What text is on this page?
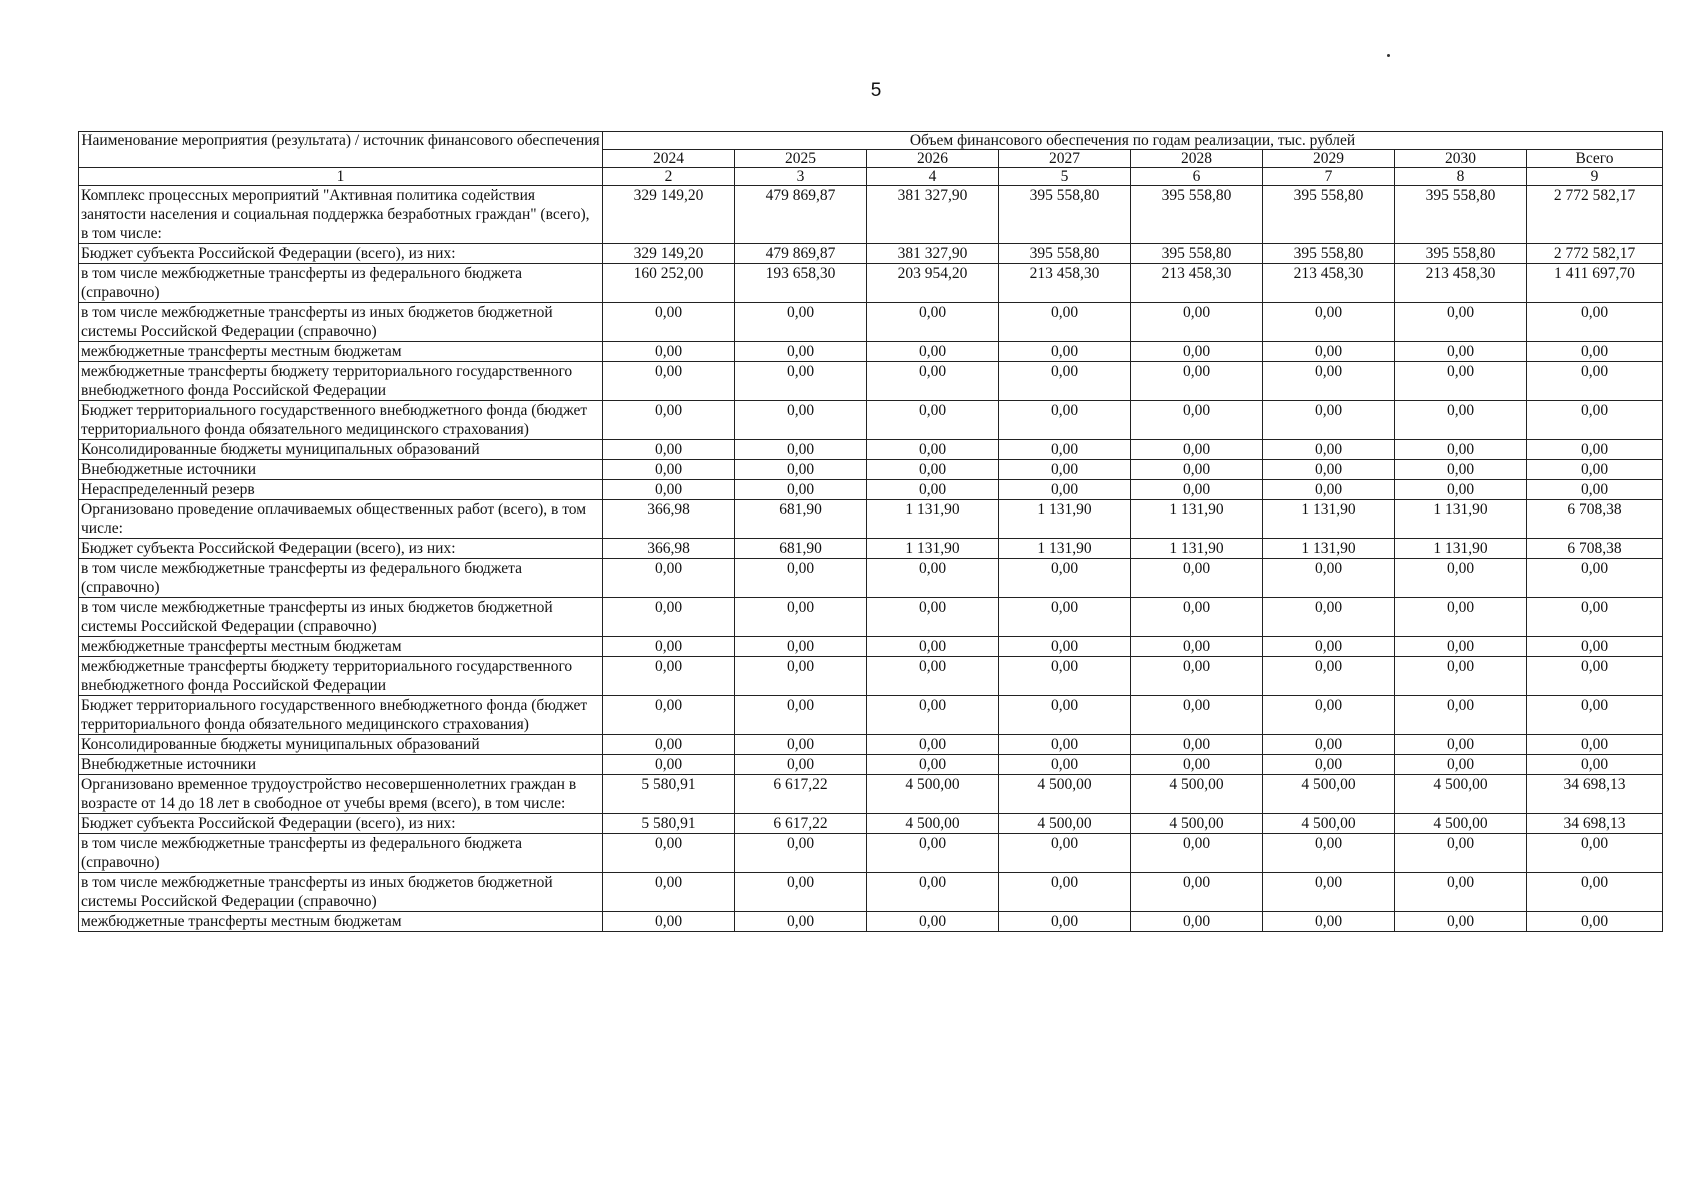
5
Наименование мероприятия (результата) / источник финансового обеспечения	Объем финансового обеспечения по годам реализации, тыс. рублей							
	2024	2025	2026	2027	2028	2029	2030	Всего
1	2	3	4	5	6	7	8	9
Комплекс процессных мероприятий "Активная политика содействия занятости населения и социальная поддержка безработных граждан" (всего), в том числе:	329 149,20	479 869,87	381 327,90	395 558,80	395 558,80	395 558,80	395 558,80	2 772 582,17
Бюджет субъекта Российской Федерации (всего), из них:	329 149,20	479 869,87	381 327,90	395 558,80	395 558,80	395 558,80	395 558,80	2 772 582,17
в том числе межбюджетные трансферты из федерального бюджета (справочно)	160 252,00	193 658,30	203 954,20	213 458,30	213 458,30	213 458,30	213 458,30	1 411 697,70
в том числе межбюджетные трансферты из иных бюджетов бюджетной системы Российской Федерации (справочно)	0,00	0,00	0,00	0,00	0,00	0,00	0,00	0,00
межбюджетные трансферты местным бюджетам	0,00	0,00	0,00	0,00	0,00	0,00	0,00	0,00
межбюджетные трансферты бюджету территориального государственного внебюджетного фонда Российской Федерации	0,00	0,00	0,00	0,00	0,00	0,00	0,00	0,00
Бюджет территориального государственного внебюджетного фонда (бюджет территориального фонда обязательного медицинского страхования)	0,00	0,00	0,00	0,00	0,00	0,00	0,00	0,00
Консолидированные бюджеты муниципальных образований	0,00	0,00	0,00	0,00	0,00	0,00	0,00	0,00
Внебюджетные источники	0,00	0,00	0,00	0,00	0,00	0,00	0,00	0,00
Нераспределенный резерв	0,00	0,00	0,00	0,00	0,00	0,00	0,00	0,00
Организовано проведение оплачиваемых общественных работ (всего), в том числе:	366,98	681,90	1 131,90	1 131,90	1 131,90	1 131,90	1 131,90	6 708,38
Бюджет субъекта Российской Федерации (всего), из них:	366,98	681,90	1 131,90	1 131,90	1 131,90	1 131,90	1 131,90	6 708,38
в том числе межбюджетные трансферты из федерального бюджета (справочно)	0,00	0,00	0,00	0,00	0,00	0,00	0,00	0,00
в том числе межбюджетные трансферты из иных бюджетов бюджетной системы Российской Федерации (справочно)	0,00	0,00	0,00	0,00	0,00	0,00	0,00	0,00
межбюджетные трансферты местным бюджетам	0,00	0,00	0,00	0,00	0,00	0,00	0,00	0,00
межбюджетные трансферты бюджету территориального государственного внебюджетного фонда Российской Федерации	0,00	0,00	0,00	0,00	0,00	0,00	0,00	0,00
Бюджет территориального государственного внебюджетного фонда (бюджет территориального фонда обязательного медицинского страхования)	0,00	0,00	0,00	0,00	0,00	0,00	0,00	0,00
Консолидированные бюджеты муниципальных образований	0,00	0,00	0,00	0,00	0,00	0,00	0,00	0,00
Внебюджетные источники	0,00	0,00	0,00	0,00	0,00	0,00	0,00	0,00
Организовано временное трудоустройство несовершеннолетних граждан в возрасте от 14 до 18 лет в свободное от учебы время (всего), в том числе:	5 580,91	6 617,22	4 500,00	4 500,00	4 500,00	4 500,00	4 500,00	34 698,13
Бюджет субъекта Российской Федерации (всего), из них:	5 580,91	6 617,22	4 500,00	4 500,00	4 500,00	4 500,00	4 500,00	34 698,13
в том числе межбюджетные трансферты из федерального бюджета (справочно)	0,00	0,00	0,00	0,00	0,00	0,00	0,00	0,00
в том числе межбюджетные трансферты из иных бюджетов бюджетной системы Российской Федерации (справочно)	0,00	0,00	0,00	0,00	0,00	0,00	0,00	0,00
межбюджетные трансферты местным бюджетам	0,00	0,00	0,00	0,00	0,00	0,00	0,00	0,00
